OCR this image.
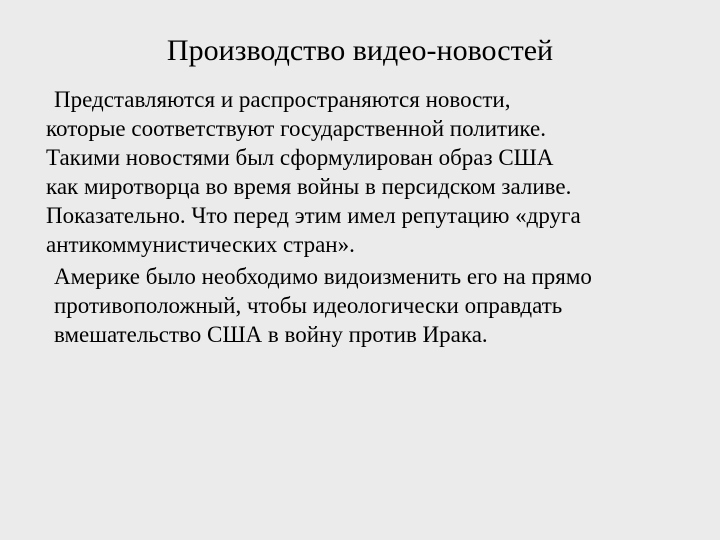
Производство видео-новостей

Представляются и распространяются новости,
которые соответствуют государственной политике.
Такими новостями был сформулирован образ США
как миротворца во время войны в персидском заливе.
Показательно. Что перед этим имел репутацию «друга
антикоммунистических стран».

Америке было необходимо видоизменить его на прямо
противоположный, чтобы идеологически оправдать
вмешательство США в войну против Ирака.
